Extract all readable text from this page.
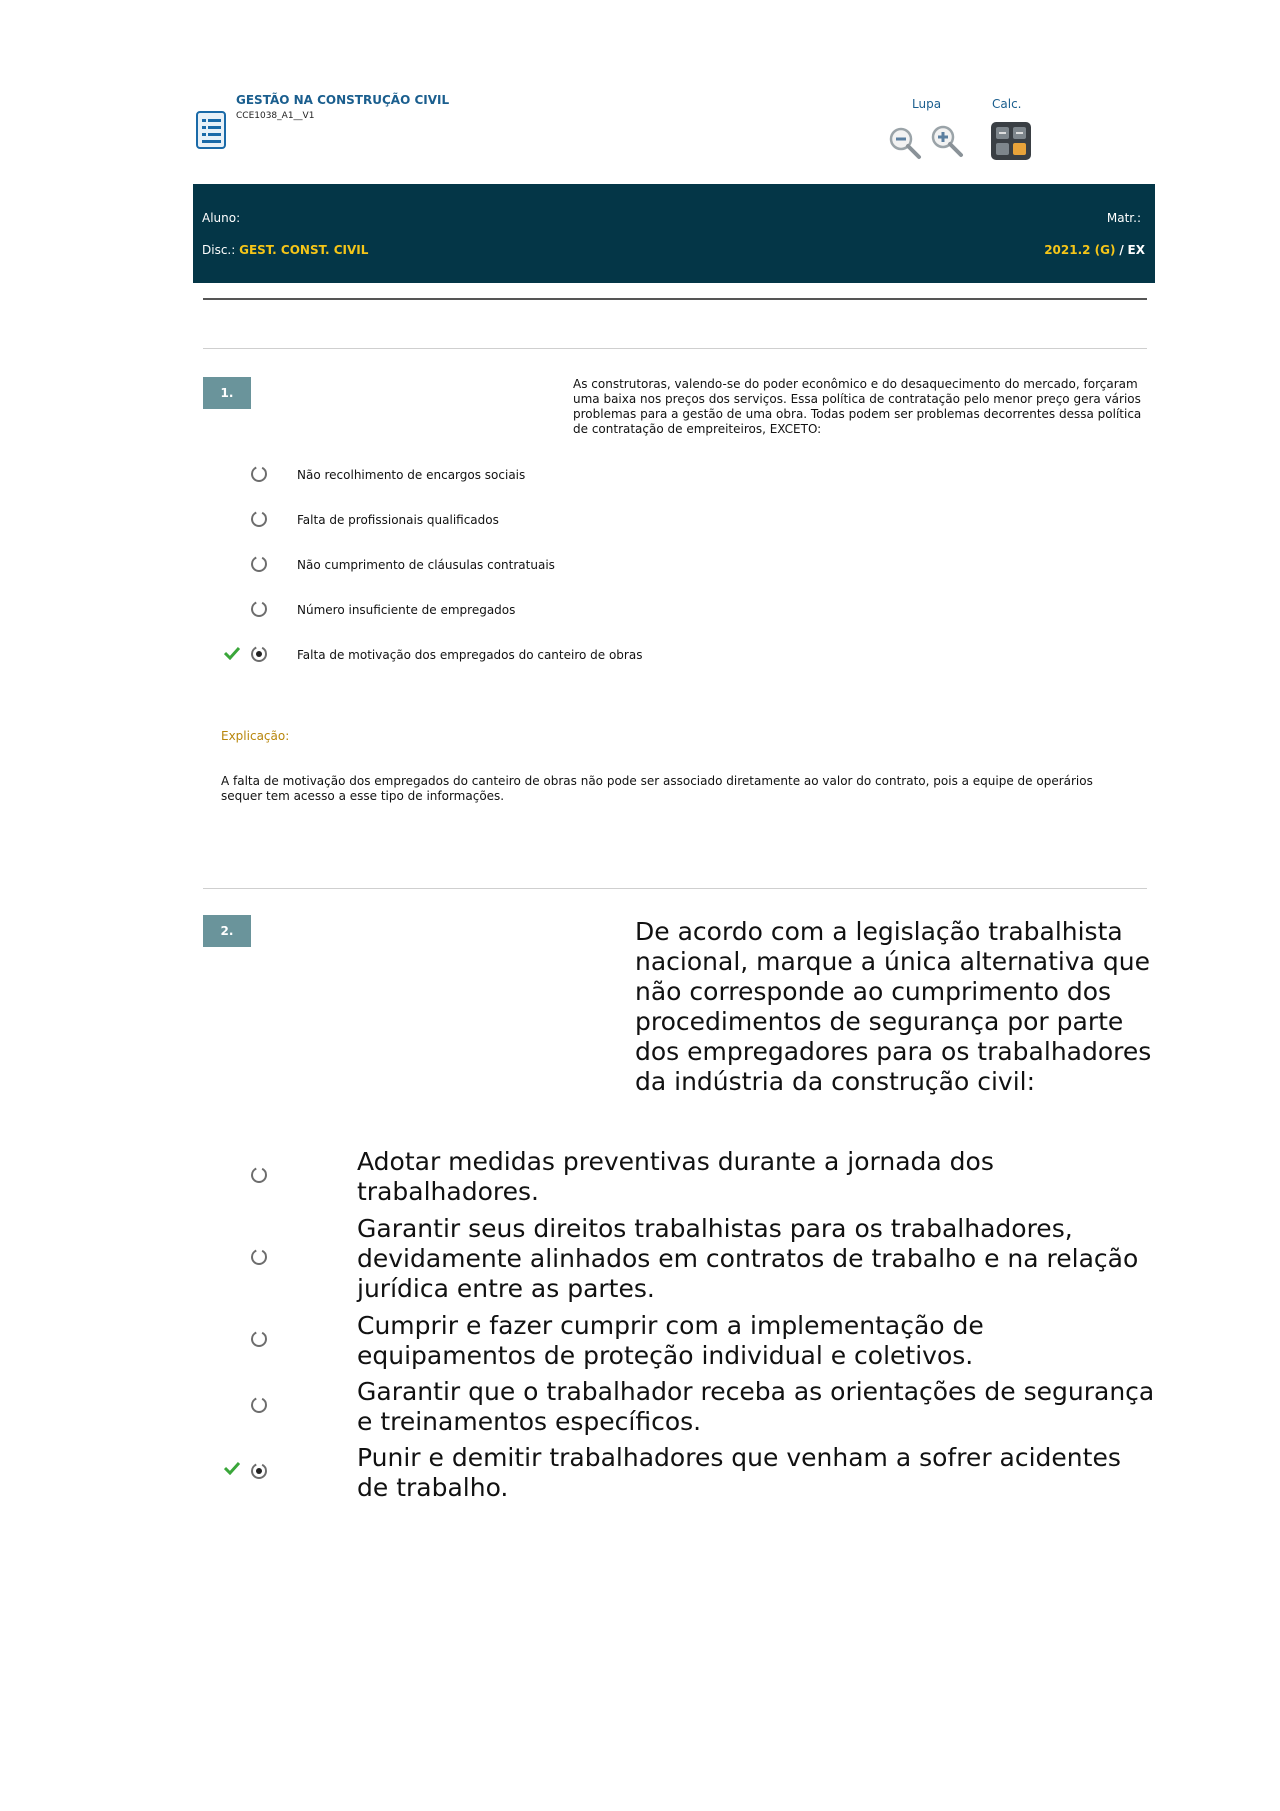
GESTÃO NA CONSTRUÇÃO CIVIL
CCE1038_A1__V1
Lupa	Calc.
Aluno:	Matr.:
Disc.: GEST. CONST. CIVIL	2021.2 (G) / EX
1.
As construtoras, valendo-se do poder econômico e do desaquecimento do mercado, forçaram uma baixa nos preços dos serviços. Essa política de contratação pelo menor preço gera vários problemas para a gestão de uma obra. Todas podem ser problemas decorrentes dessa política de contratação de empreiteiros, EXCETO:
Não recolhimento de encargos sociais
Falta de profissionais qualificados
Não cumprimento de cláusulas contratuais
Número insuficiente de empregados
Falta de motivação dos empregados do canteiro de obras
Explicação:
A falta de motivação dos empregados do canteiro de obras não pode ser associado diretamente ao valor do contrato, pois a equipe de operários sequer tem acesso a esse tipo de informações.
2.	De acordo com a legislação trabalhista nacional, marque a única alternativa que não corresponde ao cumprimento dos procedimentos de segurança por parte dos empregadores para os trabalhadores da indústria da construção civil:
Adotar medidas preventivas durante a jornada dos trabalhadores.
Garantir seus direitos trabalhistas para os trabalhadores, devidamente alinhados em contratos de trabalho e na relação jurídica entre as partes.
Cumprir e fazer cumprir com a implementação de equipamentos de proteção individual e coletivos.
Garantir que o trabalhador receba as orientações de segurança e treinamentos específicos.
Punir e demitir trabalhadores que venham a sofrer acidentes de trabalho.
